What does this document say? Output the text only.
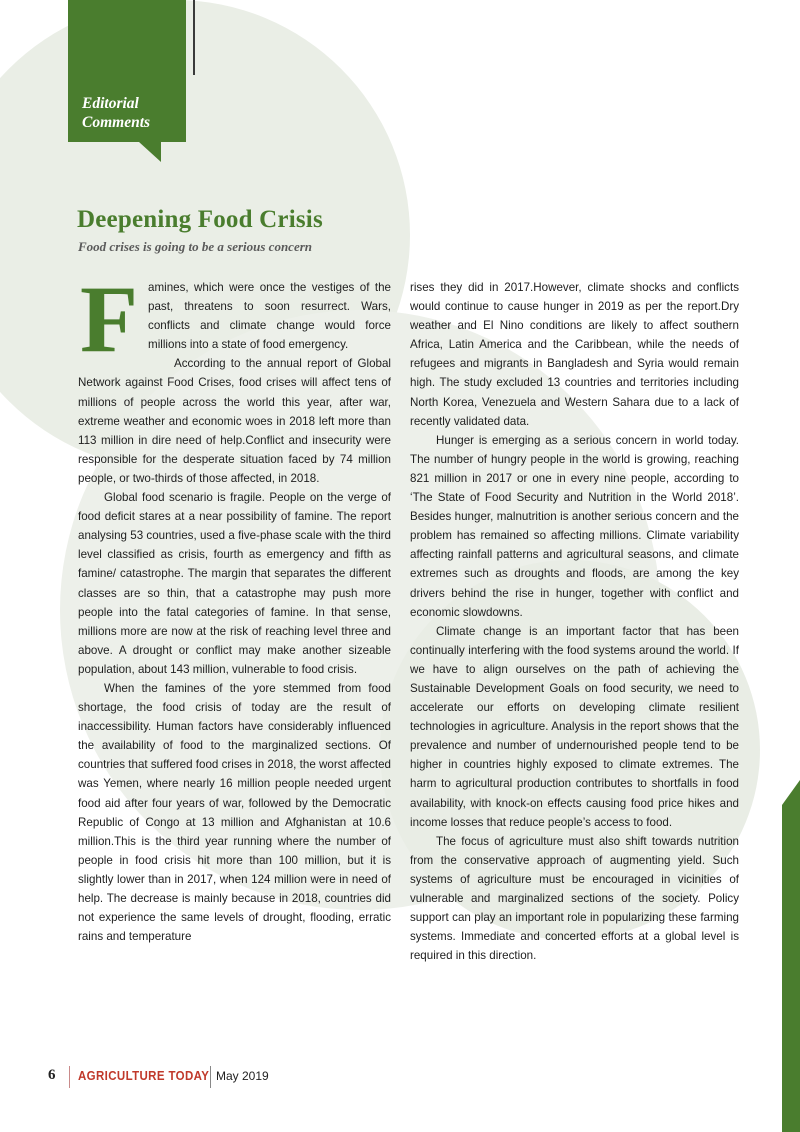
Editorial
Comments
Deepening Food Crisis
Food crises is going to be a serious concern

Famines, which were once the vestiges of the past, threatens to soon resurrect. Wars, conflicts and climate change would force millions into a state of food emergency.

According to the annual report of Global Network against Food Crises, food crises will affect tens of millions of people across the world this year, after war, extreme weather and economic woes in 2018 left more than 113 million in dire need of help.Conflict and insecurity were responsible for the desperate situation faced by 74 million people, or two-thirds of those affected, in 2018.

Global food scenario is fragile. People on the verge of food deficit stares at a near possibility of famine. The report analysing 53 countries, used a five-phase scale with the third level classified as crisis, fourth as emergency and fifth as famine/ catastrophe. The margin that separates the different classes are so thin, that a catastrophe may push more people into the fatal categories of famine. In that sense, millions more are now at the risk of reaching level three and above. A drought or conflict may make another sizeable population, about 143 million, vulnerable to food crisis.

When the famines of the yore stemmed from food shortage, the food crisis of today are the result of inaccessibility. Human factors have considerably influenced the availability of food to the marginalized sections. Of countries that suffered food crises in 2018, the worst affected was Yemen, where nearly 16 million people needed urgent food aid after four years of war, followed by the Democratic Republic of Congo at 13 million and Afghanistan at 10.6 million.This is the third year running where the number of people in food crisis hit more than 100 million, but it is slightly lower than in 2017, when 124 million were in need of help. The decrease is mainly because in 2018, countries did not experience the same levels of drought, flooding, erratic rains and temperature

rises they did in 2017.However, climate shocks and conflicts would continue to cause hunger in 2019 as per the report.Dry weather and El Nino conditions are likely to affect southern Africa, Latin America and the Caribbean, while the needs of refugees and migrants in Bangladesh and Syria would remain high. The study excluded 13 countries and territories including North Korea, Venezuela and Western Sahara due to a lack of recently validated data.

Hunger is emerging as a serious concern in world today. The number of hungry people in the world is growing, reaching 821 million in 2017 or one in every nine people, according to ‘The State of Food Security and Nutrition in the World 2018’. Besides hunger, malnutrition is another serious concern and the problem has remained so affecting millions. Climate variability affecting rainfall patterns and agricultural seasons, and climate extremes such as droughts and floods, are among the key drivers behind the rise in hunger, together with conflict and economic slowdowns.

Climate change is an important factor that has been continually interfering with the food systems around the world. If we have to align ourselves on the path of achieving the Sustainable Development Goals on food security, we need to accelerate our efforts on developing climate resilient technologies in agriculture. Analysis in the report shows that the prevalence and number of undernourished people tend to be higher in countries highly exposed to climate extremes. The harm to agricultural production contributes to shortfalls in food availability, with knock-on effects causing food price hikes and income losses that reduce people’s access to food.

The focus of agriculture must also shift towards nutrition from the conservative approach of augmenting yield. Such systems of agriculture must be encouraged in vicinities of vulnerable and marginalized sections of the society. Policy support can play an important role in popularizing these farming systems. Immediate and concerted efforts at a global level is required in this direction.

6 AGRICULTURE TODAY May 2019
